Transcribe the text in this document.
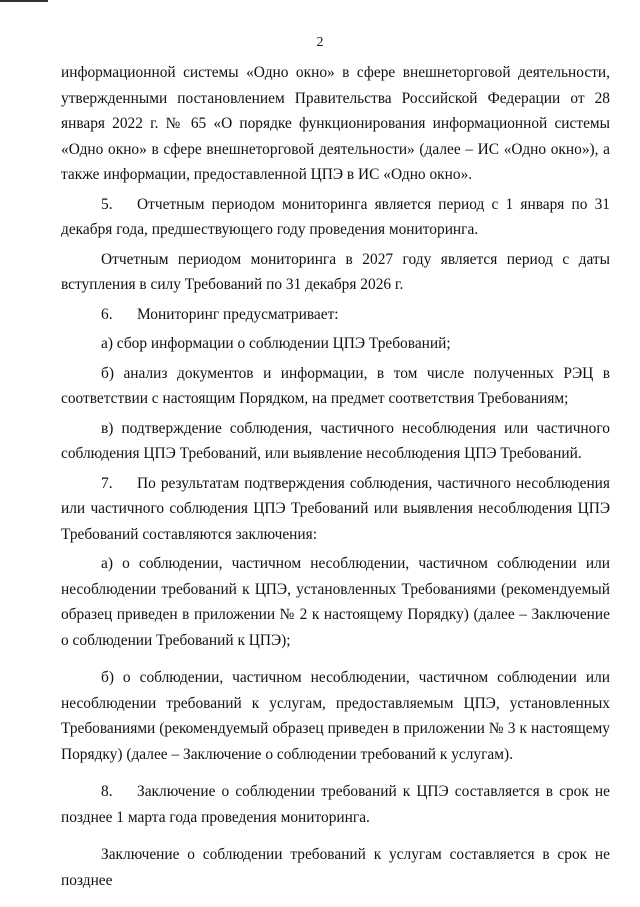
2

информационной системы «Одно окно» в сфере внешнеторговой деятельности, утвержденными постановлением Правительства Российской Федерации от 28 января 2022 г. № 65 «О порядке функционирования информационной системы «Одно окно» в сфере внешнеторговой деятельности» (далее – ИС «Одно окно»), а также информации, предоставленной ЦПЭ в ИС «Одно окно».

5. Отчетным периодом мониторинга является период с 1 января по 31 декабря года, предшествующего году проведения мониторинга.

Отчетным периодом мониторинга в 2027 году является период с даты вступления в силу Требований по 31 декабря 2026 г.

6. Мониторинг предусматривает:

а) сбор информации о соблюдении ЦПЭ Требований;

б) анализ документов и информации, в том числе полученных РЭЦ в соответствии с настоящим Порядком, на предмет соответствия Требованиям;

в) подтверждение соблюдения, частичного несоблюдения или частичного соблюдения ЦПЭ Требований, или выявление несоблюдения ЦПЭ Требований.

7. По результатам подтверждения соблюдения, частичного несоблюдения или частичного соблюдения ЦПЭ Требований или выявления несоблюдения ЦПЭ Требований составляются заключения:

а) о соблюдении, частичном несоблюдении, частичном соблюдении или несоблюдении требований к ЦПЭ, установленных Требованиями (рекомендуемый образец приведен в приложении № 2 к настоящему Порядку) (далее – Заключение о соблюдении Требований к ЦПЭ);

б) о соблюдении, частичном несоблюдении, частичном соблюдении или несоблюдении требований к услугам, предоставляемым ЦПЭ, установленных Требованиями (рекомендуемый образец приведен в приложении № 3 к настоящему Порядку) (далее – Заключение о соблюдении требований к услугам).

8. Заключение о соблюдении требований к ЦПЭ составляется в срок не позднее 1 марта года проведения мониторинга.

Заключение о соблюдении требований к услугам составляется в срок не позднее
